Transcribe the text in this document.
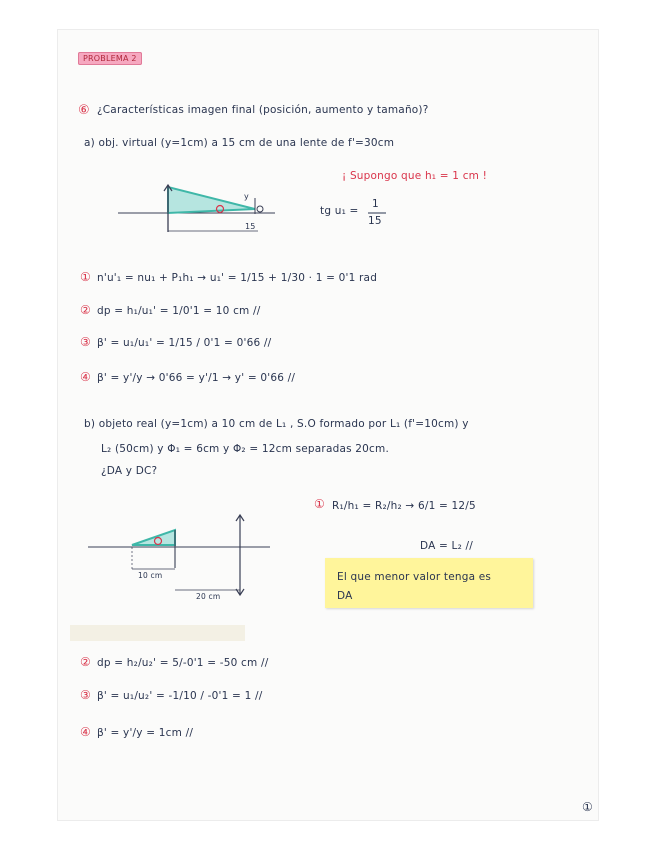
PROBLEMA 2
⑥ ¿Características imagen final (posición, aumento y tamaño)?
a) obj. virtual (y=1cm) a 15 cm de una lente de f'=30cm
¡ Supongo que h₁ = 1 cm !
15
y
tg u₁ =
1
15
① n'u'₁ = nu₁ + P₁h₁ → u₁' = 1/15 + 1/30 · 1 = 0'1 rad
② dp = h₁/u₁' = 1/0'1 = 10 cm //
③ β' = u₁/u₁' = 1/15 / 0'1 = 0'66 //
④ β' = y'/y → 0'66 = y'/1 → y' = 0'66 //
b) objeto real (y=1cm) a 10 cm de L₁ , S.O formado por L₁ (f'=10cm) y
L₂ (50cm) y Φ₁ = 6cm y Φ₂ = 12cm separadas 20cm.
¿DA y DC?
10 cm
20 cm
① R₁/h₁ = R₂/h₂ → 6/1 = 12/5
DA = L₂ //
El que menor valor tenga es
DA
② dp = h₂/u₂' = 5/-0'1 = -50 cm //
③ β' = u₁/u₂' = -1/10 / -0'1 = 1 //
④ β' = y'/y = 1cm //
①
